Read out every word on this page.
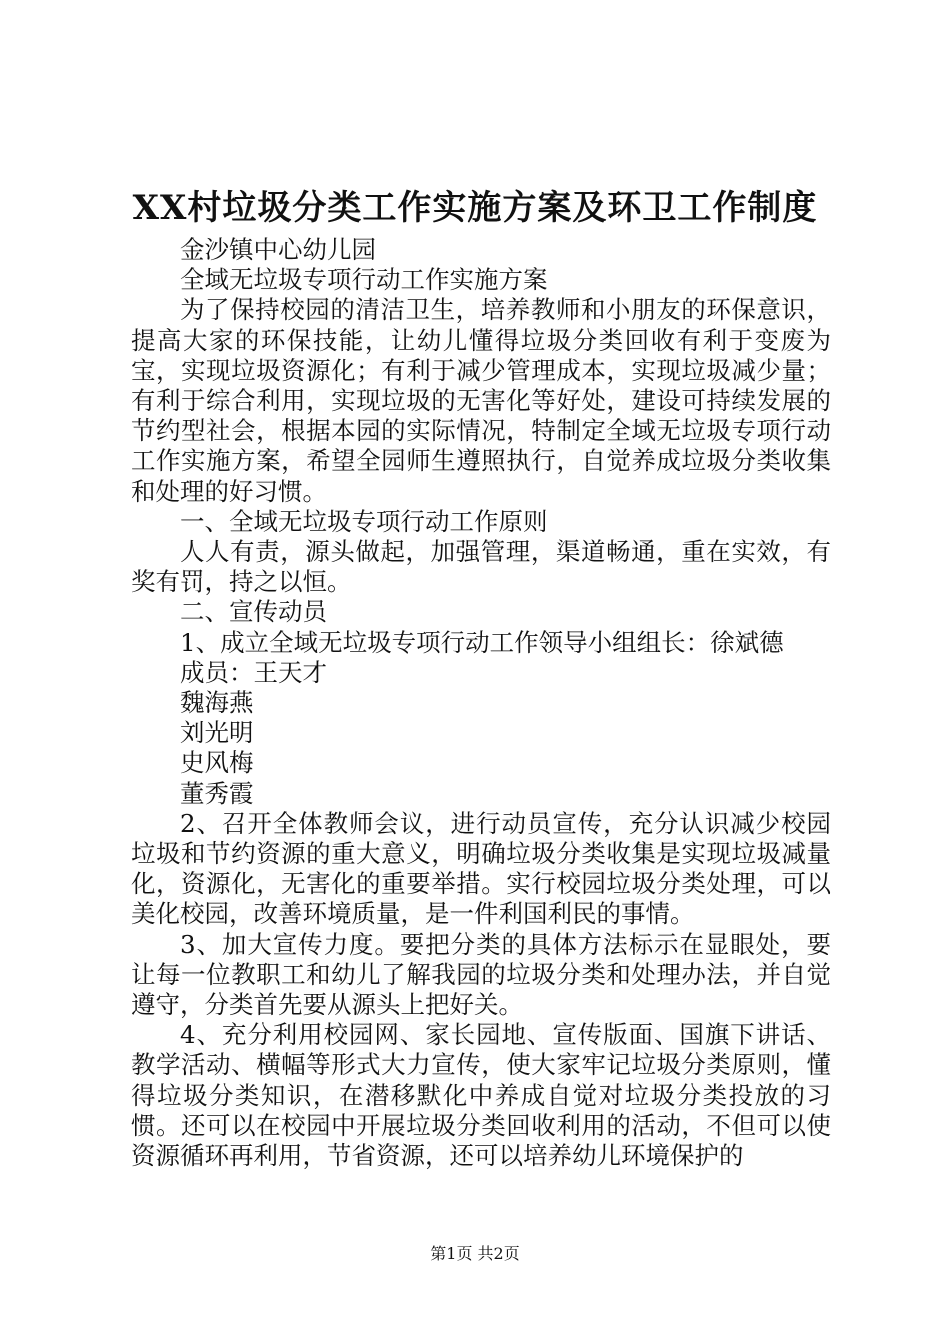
XX村垃圾分类工作实施方案及环卫工作制度

金沙镇中心幼儿园

全域无垃圾专项行动工作实施方案

为了保持校园的清洁卫生，培养教师和小朋友的环保意识，提高大家的环保技能，让幼儿懂得垃圾分类回收有利于变废为宝，实现垃圾资源化；有利于减少管理成本，实现垃圾减少量；有利于综合利用，实现垃圾的无害化等好处，建设可持续发展的节约型社会，根据本园的实际情况，特制定全域无垃圾专项行动工作实施方案，希望全园师生遵照执行，自觉养成垃圾分类收集和处理的好习惯。

一、全域无垃圾专项行动工作原则

人人有责，源头做起，加强管理，渠道畅通，重在实效，有奖有罚，持之以恒。

二、宣传动员

1、成立全域无垃圾专项行动工作领导小组组长：徐斌德

成员：王天才

魏海燕

刘光明

史风梅

董秀霞

2、召开全体教师会议，进行动员宣传，充分认识减少校园垃圾和节约资源的重大意义，明确垃圾分类收集是实现垃圾减量化，资源化，无害化的重要举措。实行校园垃圾分类处理，可以美化校园，改善环境质量，是一件利国利民的事情。

3、加大宣传力度。要把分类的具体方法标示在显眼处，要让每一位教职工和幼儿了解我园的垃圾分类和处理办法，并自觉遵守，分类首先要从源头上把好关。

4、充分利用校园网、家长园地、宣传版面、国旗下讲话、教学活动、横幅等形式大力宣传，使大家牢记垃圾分类原则，懂得垃圾分类知识，在潜移默化中养成自觉对垃圾分类投放的习惯。还可以在校园中开展垃圾分类回收利用的活动，不但可以使资源循环再利用，节省资源，还可以培养幼儿环境保护的

第1页 共2页
